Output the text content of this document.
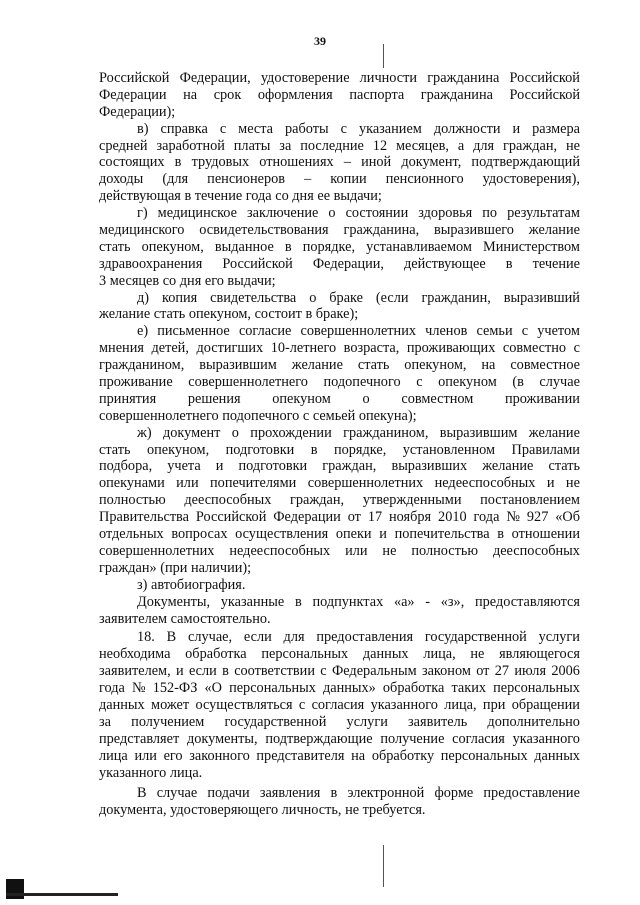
39

Российской Федерации, удостоверение личности гражданина Российской
Федерации на срок оформления паспорта гражданина Российской
Федерации);

в) справка с места работы с указанием должности и размера
средней заработной платы за последние 12 месяцев, а для граждан, не
состоящих в трудовых отношениях – иной документ, подтверждающий
доходы (для пенсионеров – копии пенсионного удостоверения),
действующая в течение года со дня ее выдачи;

г) медицинское заключение о состоянии здоровья по результатам
медицинского освидетельствования гражданина, выразившего желание
стать опекуном, выданное в порядке, устанавливаемом Министерством
здравоохранения Российской Федерации, действующее в течение
3 месяцев со дня его выдачи;

д) копия свидетельства о браке (если гражданин, выразивший
желание стать опекуном, состоит в браке);

е) письменное согласие совершеннолетних членов семьи с учетом
мнения детей, достигших 10-летнего возраста, проживающих совместно с
гражданином, выразившим желание стать опекуном, на совместное
проживание совершеннолетнего подопечного с опекуном (в случае
принятия решения опекуном о совместном проживании
совершеннолетнего подопечного с семьей опекуна);

ж) документ о прохождении гражданином, выразившим желание
стать опекуном, подготовки в порядке, установленном Правилами
подбора, учета и подготовки граждан, выразивших желание стать
опекунами или попечителями совершеннолетних недееспособных и не
полностью дееспособных граждан, утвержденными постановлением
Правительства Российской Федерации от 17 ноября 2010 года № 927 «Об
отдельных вопросах осуществления опеки и попечительства в отношении
совершеннолетних недееспособных или не полностью дееспособных
граждан» (при наличии);

з) автобиография.

Документы, указанные в подпунктах «а» - «з», предоставляются
заявителем самостоятельно.

18. В случае, если для предоставления государственной услуги
необходима обработка персональных данных лица, не являющегося
заявителем, и если в соответствии с Федеральным законом от 27 июля 2006
года № 152-ФЗ «О персональных данных» обработка таких персональных
данных может осуществляться с согласия указанного лица, при обращении
за получением государственной услуги заявитель дополнительно
представляет документы, подтверждающие получение согласия указанного
лица или его законного представителя на обработку персональных данных
указанного лица.

В случае подачи заявления в электронной форме предоставление
документа, удостоверяющего личность, не требуется.
